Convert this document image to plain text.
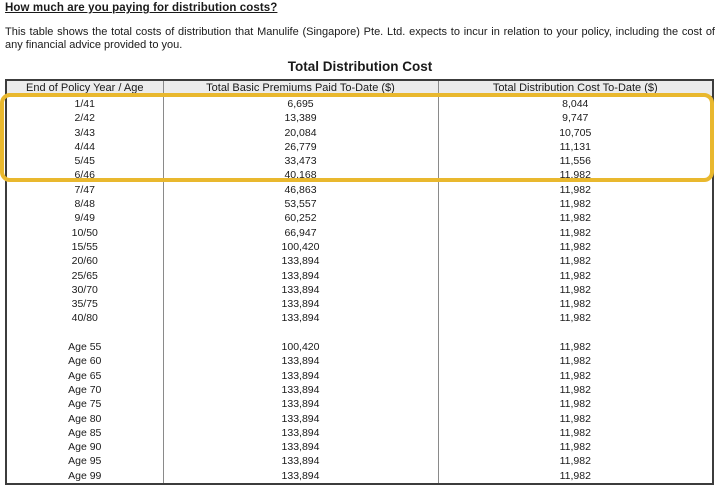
How much are you paying for distribution costs?
This table shows the total costs of distribution that Manulife (Singapore) Pte. Ltd. expects to incur in relation to your policy, including the cost of any financial advice provided to you.
Total Distribution Cost
End of Policy Year / Age	Total Basic Premiums Paid To-Date ($)	Total Distribution Cost To-Date ($)
1/41	6,695	8,044
2/42	13,389	9,747
3/43	20,084	10,705
4/44	26,779	11,131
5/45	33,473	11,556
6/46	40,168	11,982
7/47	46,863	11,982
8/48	53,557	11,982
9/49	60,252	11,982
10/50	66,947	11,982
15/55	100,420	11,982
20/60	133,894	11,982
25/65	133,894	11,982
30/70	133,894	11,982
35/75	133,894	11,982
40/80	133,894	11,982

Age 55	100,420	11,982
Age 60	133,894	11,982
Age 65	133,894	11,982
Age 70	133,894	11,982
Age 75	133,894	11,982
Age 80	133,894	11,982
Age 85	133,894	11,982
Age 90	133,894	11,982
Age 95	133,894	11,982
Age 99	133,894	11,982
